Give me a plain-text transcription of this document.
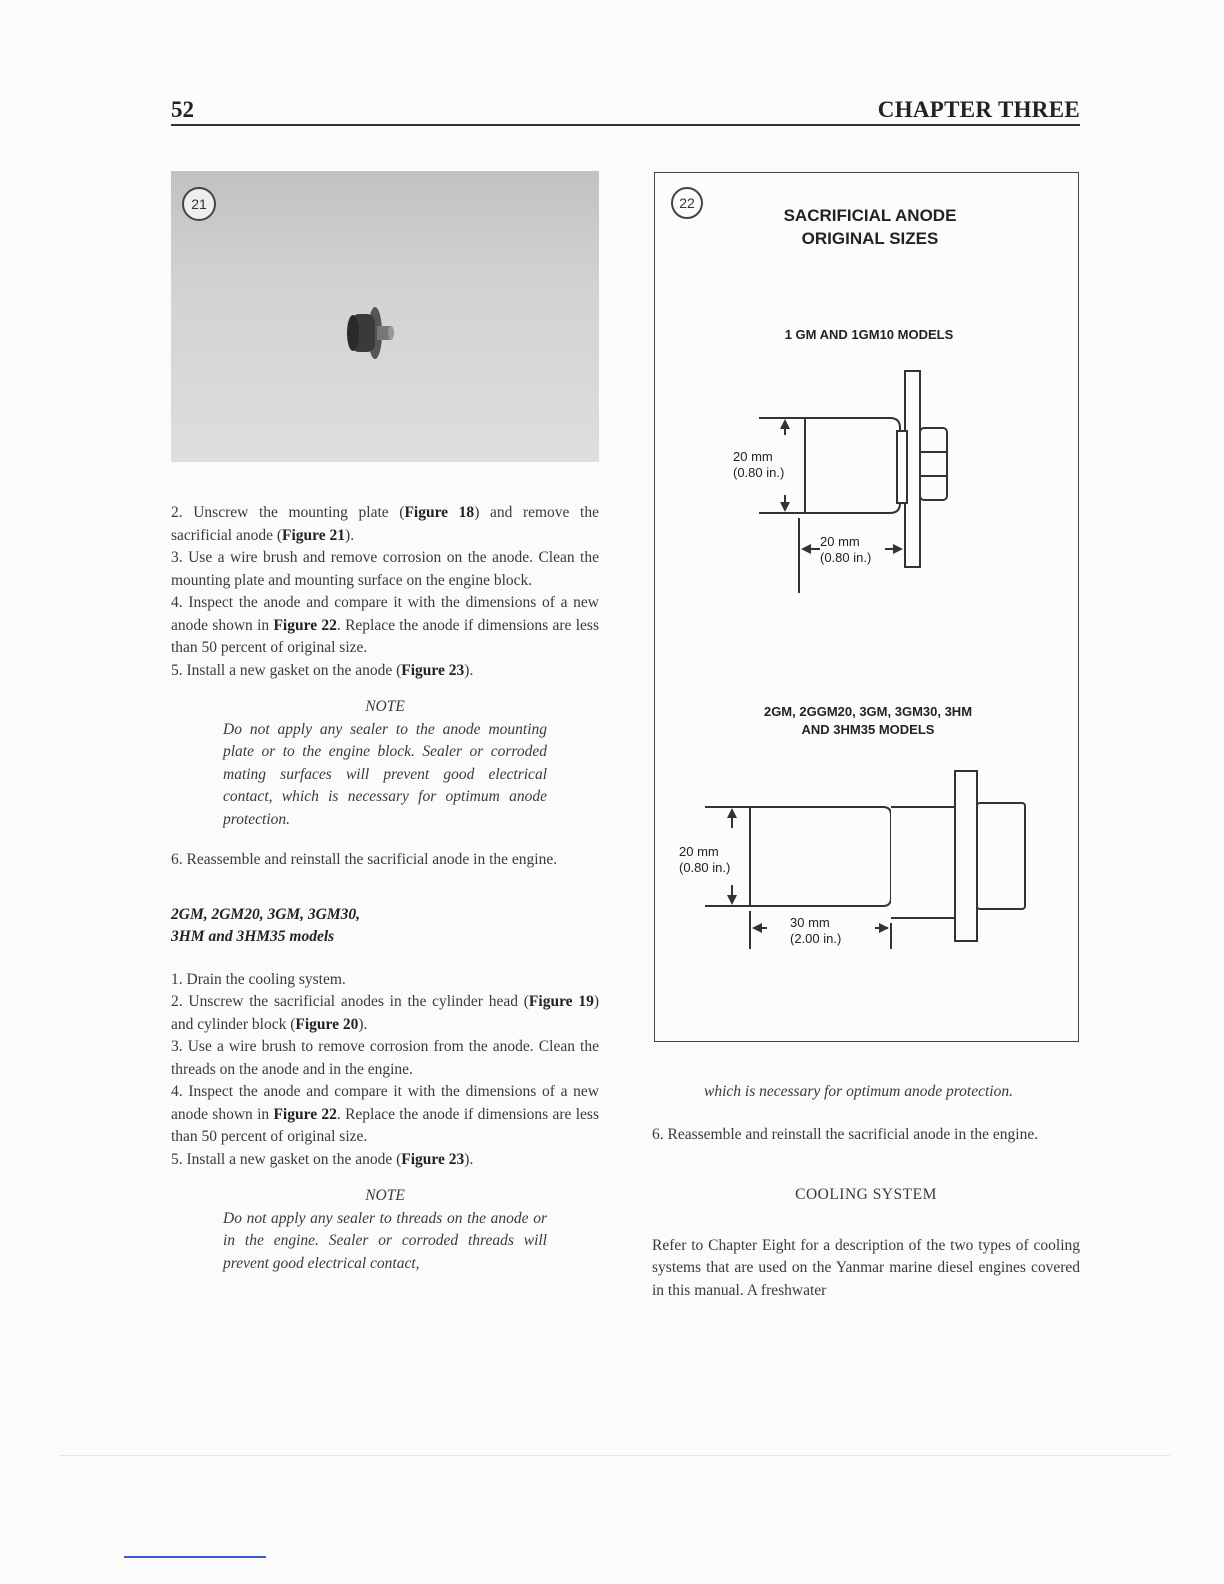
52	CHAPTER THREE
21

2. Unscrew the mounting plate (Figure 18) and remove the sacrificial anode (Figure 21).

3. Use a wire brush and remove corrosion on the anode. Clean the mounting plate and mounting surface on the engine block.

4. Inspect the anode and compare it with the dimensions of a new anode shown in Figure 22. Replace the anode if dimensions are less than 50 percent of original size.

5. Install a new gasket on the anode (Figure 23).

NOTE

Do not apply any sealer to the anode mounting plate or to the engine block. Sealer or corroded mating surfaces will prevent good electrical contact, which is necessary for optimum anode protection.

6. Reassemble and reinstall the sacrificial anode in the engine.

2GM, 2GM20, 3GM, 3GM30,

3HM and 3HM35 models

1. Drain the cooling system.

2. Unscrew the sacrificial anodes in the cylinder head (Figure 19) and cylinder block (Figure 20).

3. Use a wire brush to remove corrosion from the anode. Clean the threads on the anode and in the engine.

4. Inspect the anode and compare it with the dimensions of a new anode shown in Figure 22. Replace the anode if dimensions are less than 50 percent of original size.

5. Install a new gasket on the anode (Figure 23).

NOTE

Do not apply any sealer to threads on the anode or in the engine. Sealer or corroded threads will prevent good electrical contact,

22
SACRIFICIAL ANODE
ORIGINAL SIZES
1 GM AND 1GM10 MODELS
20 mm
(0.80 in.)
20 mm
(0.80 in.)
2GM, 2GGM20, 3GM, 3GM30, 3HM
AND 3HM35 MODELS
20 mm
(0.80 in.)
30 mm
(2.00 in.)

which is necessary for optimum anode protection.

6. Reassemble and reinstall the sacrificial anode in the engine.

COOLING SYSTEM

Refer to Chapter Eight for a description of the two types of cooling systems that are used on the Yanmar marine diesel engines covered in this manual. A freshwater
